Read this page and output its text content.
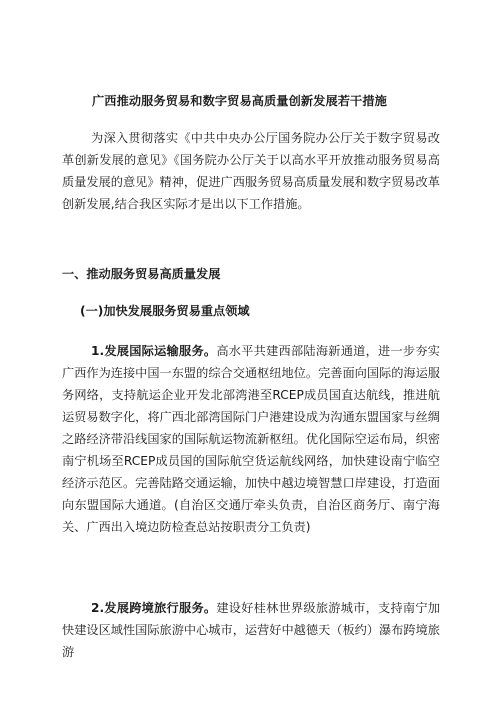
广西推动服务贸易和数字贸易高质量创新发展若干措施

为深入贯彻落实《中共中央办公厅国务院办公厅关于数字贸易改革创新发展的意见》《国务院办公厅关于以高水平开放推动服务贸易高质量发展的意见》精神，促进广西服务贸易高质量发展和数字贸易改革创新发展,结合我区实际才是出以下工作措施。

一、推动服务贸易高质量发展
(一)加快发展服务贸易重点领域

1.发展国际运输服务。高水平共建西部陆海新通道，进一步夯实广西作为连接中国一东盟的综合交通枢纽地位。完善面向国际的海运服务网络，支持航运企业开发北部湾港至RCEP成员国直达航线，推进航运贸易数字化，将广西北部湾国际门户港建设成为沟通东盟国家与丝绸之路经济带沿线国家的国际航运物流新枢纽。优化国际空运布局，织密南宁机场至RCEP成员国的国际航空货运航线网络，加快建设南宁临空经济示范区。完善陆路交通运输，加快中越边境智慧口岸建设，打造面向东盟国际大通道。(自治区交通厅牵头负责，自治区商务厅、南宁海关、广西出入境边防检查总站按职责分工负责)

2.发展跨境旅行服务。建设好桂林世界级旅游城市，支持南宁加快建设区域性国际旅游中心城市，运营好中越德天（板约）瀑布跨境旅游
